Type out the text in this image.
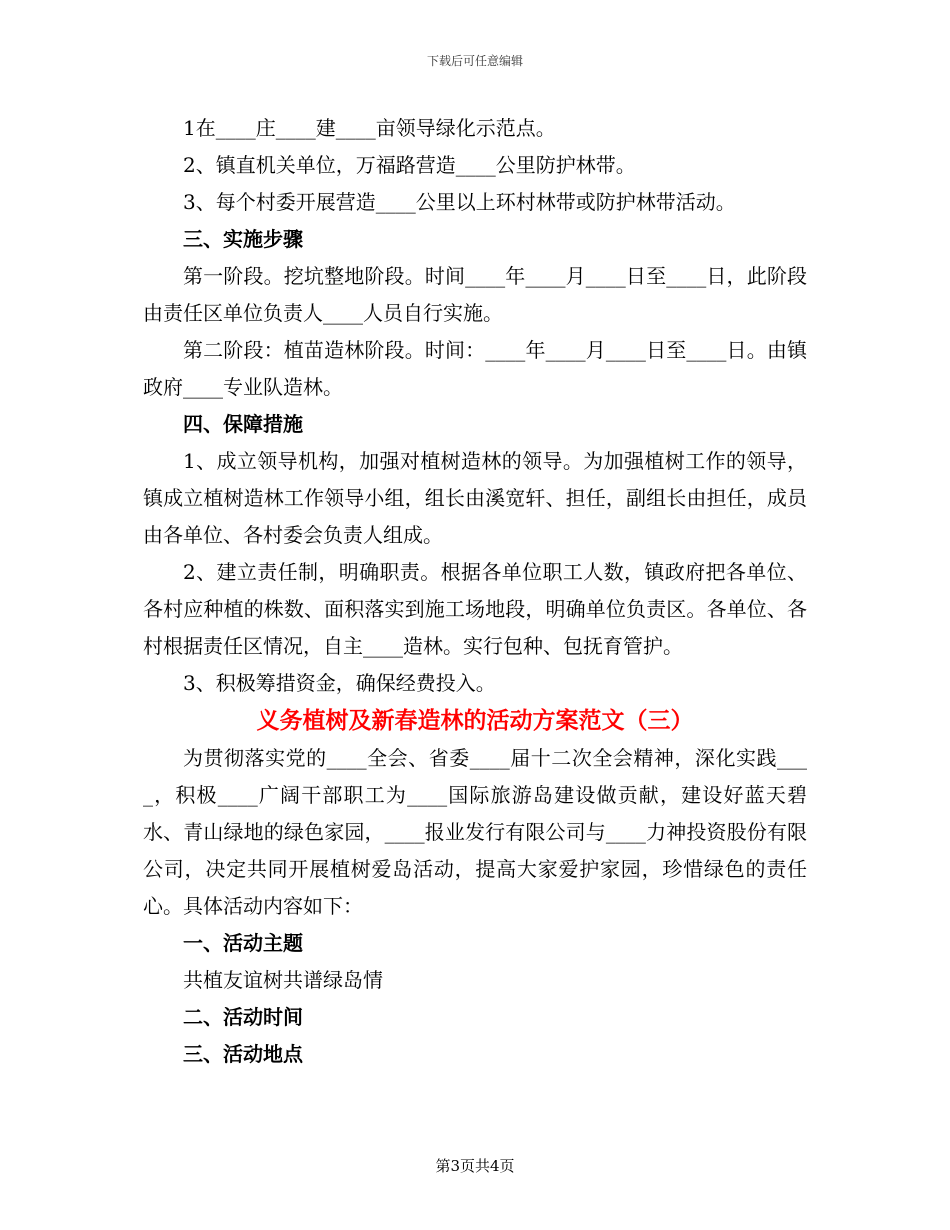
下载后可任意编辑

1在____庄____建____亩领导绿化示范点。

2、镇直机关单位，万福路营造____公里防护林带。

3、每个村委开展营造____公里以上环村林带或防护林带活动。

三、实施步骤

第一阶段。挖坑整地阶段。时间____年____月____日至____日，此阶段由责任区单位负责人____人员自行实施。

第二阶段：植苗造林阶段。时间：____年____月____日至____日。由镇政府____专业队造林。

四、保障措施

1、成立领导机构，加强对植树造林的领导。为加强植树工作的领导，镇成立植树造林工作领导小组，组长由溪宽轩、担任，副组长由担任，成员由各单位、各村委会负责人组成。

2、建立责任制，明确职责。根据各单位职工人数，镇政府把各单位、各村应种植的株数、面积落实到施工场地段，明确单位负责区。各单位、各村根据责任区情况，自主____造林。实行包种、包抚育管护。

3、积极筹措资金，确保经费投入。

义务植树及新春造林的活动方案范文（三）

为贯彻落实党的____全会、省委____届十二次全会精神，深化实践____，积极____广阔干部职工为____国际旅游岛建设做贡献，建设好蓝天碧水、青山绿地的绿色家园，____报业发行有限公司与____力神投资股份有限公司，决定共同开展植树爱岛活动，提高大家爱护家园，珍惜绿色的责任心。具体活动内容如下：

一、活动主题

共植友谊树共谱绿岛情

二、活动时间

三、活动地点

第3页共4页
